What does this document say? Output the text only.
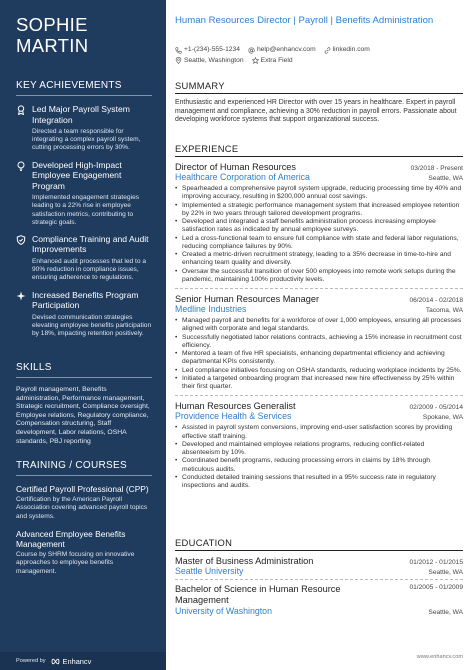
SOPHIE
MARTIN
KEY ACHIEVEMENTS
Led Major Payroll System Integration
Directed a team responsible for integrating a complex payroll system, cutting processing errors by 30%.
Developed High-Impact Employee Engagement Program
Implemented engagement strategies leading to a 22% rise in employee satisfaction metrics, contributing to strategic goals.
Compliance Training and Audit Improvements
Enhanced audit processes that led to a 90% reduction in compliance issues, ensuring adherence to regulations.
Increased Benefits Program Participation
Devised communication strategies elevating employee benefits participation by 18%, impacting retention positively.
SKILLS
Payroll management, Benefits administration, Performance management, Strategic recruitment, Compliance oversight, Employee relations, Regulatory compliance, Compensation structuring, Staff development, Labor relations, OSHA standards, PBJ reporting
TRAINING / COURSES
Certified Payroll Professional (CPP)
Certification by the American Payroll Association covering advanced payroll topics and systems.
Advanced Employee Benefits Management
Course by SHRM focusing on innovative approaches to employee benefits management.
Powered by Enhancv
Human Resources Director | Payroll | Benefits Administration
+1-(234)-555-1234	help@enhancv.com	linkedin.com
Seattle, Washington	Extra Field
SUMMARY
Enthusiastic and experienced HR Director with over 15 years in healthcare. Expert in payroll management and compliance, achieving a 30% reduction in payroll errors. Passionate about developing workforce systems that support organizational success.
EXPERIENCE
Director of Human Resources	03/2018 - Present
Healthcare Corporation of America	Seattle, WA
• Spearheaded a comprehensive payroll system upgrade, reducing processing time by 40% and improving accuracy, resulting in $200,000 annual cost savings.
• Implemented a strategic performance management system that increased employee retention by 22% in two years through tailored development programs.
• Developed and integrated a staff benefits administration process increasing employee satisfaction rates as indicated by annual employee surveys.
• Led a cross-functional team to ensure full compliance with state and federal labor regulations, reducing compliance failures by 90%.
• Created a metric-driven recruitment strategy, leading to a 35% decrease in time-to-hire and enhancing team quality and diversity.
• Oversaw the successful transition of over 500 employees into remote work setups during the pandemic, maintaining 100% productivity levels.
Senior Human Resources Manager	06/2014 - 02/2018
Medline Industries	Tacoma, WA
• Managed payroll and benefits for a workforce of over 1,000 employees, ensuring all processes aligned with corporate and legal standards.
• Successfully negotiated labor relations contracts, achieving a 15% increase in recruitment cost efficiency.
• Mentored a team of five HR specialists, enhancing departmental efficiency and achieving departmental KPIs consistently.
• Led compliance initiatives focusing on OSHA standards, reducing workplace incidents by 25%.
• Initiated a targeted onboarding program that increased new hire effectiveness by 25% within their first quarter.
Human Resources Generalist	02/2009 - 05/2014
Providence Health & Services	Spokane, WA
• Assisted in payroll system conversions, improving end-user satisfaction scores by providing effective staff training.
• Developed and maintained employee relations programs, reducing conflict-related absenteeism by 10%.
• Coordinated benefit programs, reducing processing errors in claims by 18% through meticulous audits.
• Conducted detailed training sessions that resulted in a 95% success rate in regulatory inspections and audits.
EDUCATION
Master of Business Administration	01/2012 - 01/2015
Seattle University	Seattle, WA
Bachelor of Science in Human Resource Management
01/2005 - 01/2009
University of Washington	Seattle, WA
www.enhancv.com
